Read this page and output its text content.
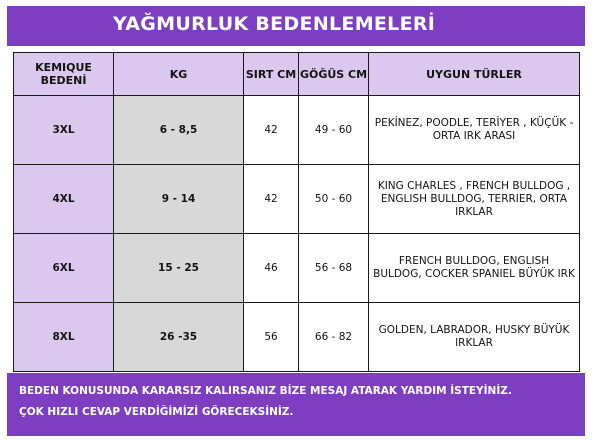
YAĞMURLUK BEDENLEMELERİ
KEMIQUE BEDENİ	KG	SIRT CM	GÖĞÜS CM	UYGUN TÜRLER
3XL	6 - 8,5	42	49 - 60	PEKİNEZ, POODLE, TERİYER , KÜÇÜK - ORTA IRK ARASI
4XL	9 - 14	42	50 - 60	KING CHARLES , FRENCH BULLDOG , ENGLISH BULLDOG, TERRIER, ORTA IRKLAR
6XL	15 - 25	46	56 - 68	FRENCH BULLDOG, ENGLISH BULDOG, COCKER SPANIEL BÜYÜK IRK
8XL	26 -35	56	66 - 82	GOLDEN, LABRADOR, HUSKY BÜYÜK IRKLAR
BEDEN KONUSUNDA KARARSIZ KALIRSANIZ BİZE MESAJ ATARAK YARDIM İSTEYİNİZ.
ÇOK HIZLI CEVAP VERDİĞİMİZİ GÖRECEKSİNİZ.
